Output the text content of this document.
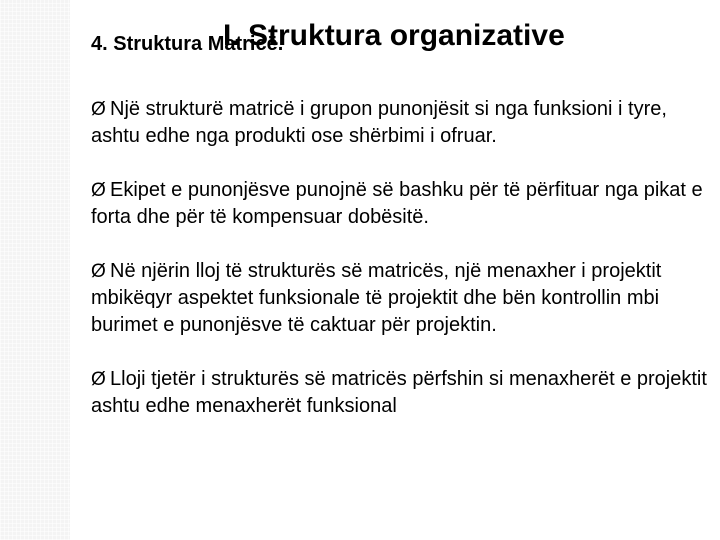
4. Struktura Matricë.
I. Struktura organizative
Ø Një strukturë matricë i grupon punonjësit si nga funksioni i tyre, ashtu edhe nga produkti ose shërbimi i ofruar.
Ø Ekipet e punonjësve punojnë së bashku për të përfituar nga pikat e forta dhe për të kompensuar dobësitë.
Ø Në njërin lloj të strukturës së matricës, një menaxher i projektit mbikëqyr aspektet funksionale të projektit dhe bën kontrollin mbi burimet e punonjësve të caktuar për projektin.
Ø Lloji tjetër i strukturës së matricës përfshin si menaxherët e projektit ashtu edhe menaxherët funksional
